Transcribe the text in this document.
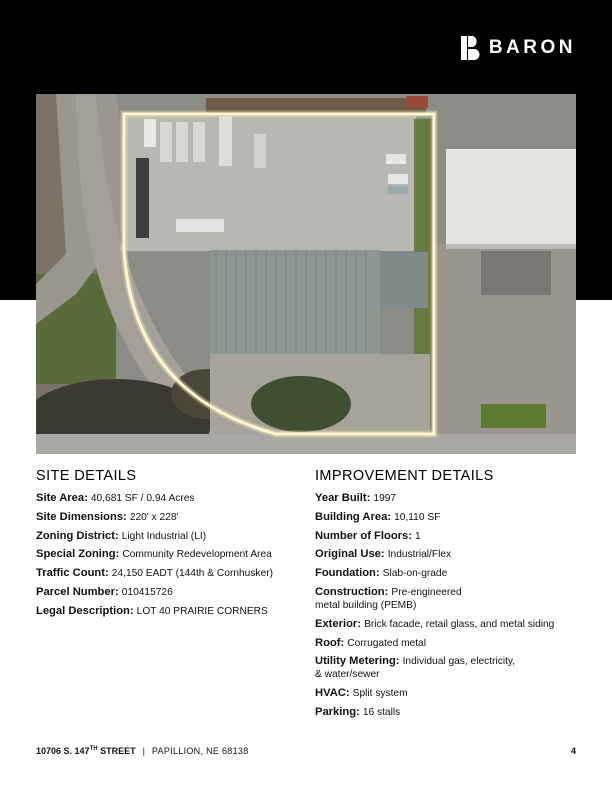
BARON
SITE DETAILS
Site Area: 40,681 SF / 0.94 Acres
Site Dimensions: 220' x 228'
Zoning District: Light Industrial (LI)
Special Zoning: Community Redevelopment Area
Traffic Count: 24,150 EADT (144th & Cornhusker)
Parcel Number: 010415726
Legal Description: LOT 40 PRAIRIE CORNERS
IMPROVEMENT DETAILS
Year Built: 1997
Building Area: 10,110 SF
Number of Floors: 1
Original Use: Industrial/Flex
Foundation: Slab-on-grade
Construction: Pre-engineered
metal building (PEMB)
Exterior: Brick facade, retail glass, and metal siding
Roof: Corrugated metal
Utility Metering: Individual gas, electricity,
& water/sewer
HVAC: Split system
Parking: 16 stalls
10706 S. 147TH STREET | PAPILLION, NE 68138	4
